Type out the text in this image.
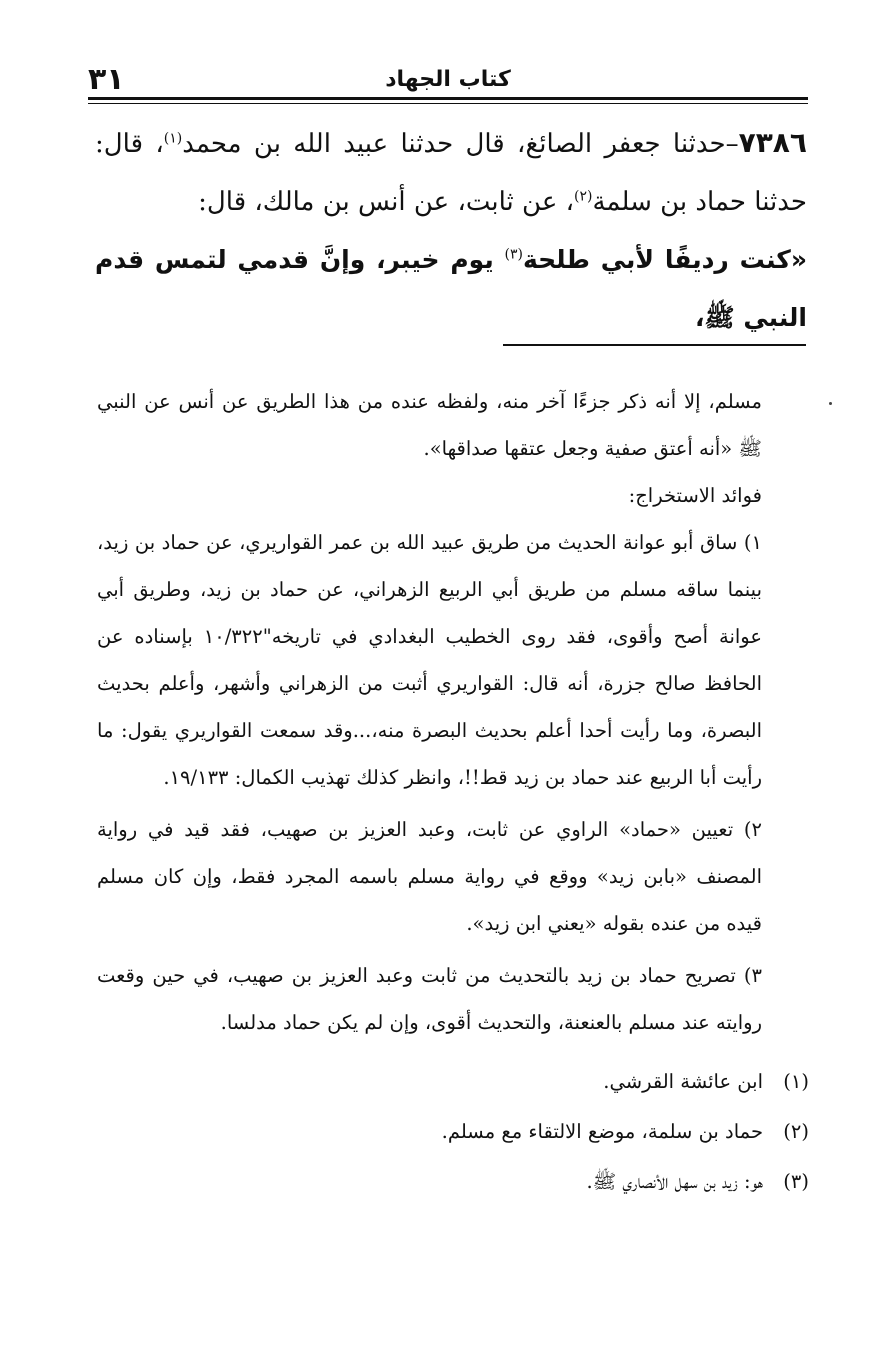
٣١	كتاب الجهاد

٧٣٨٦–حدثنا جعفر الصائغ، قال حدثنا عبيد الله بن محمد$^{(١)}$، قال: حدثنا حماد بن سلمة$^{(٢)}$، عن ثابت، عن أنس بن مالك، قال:
«كنت رديفًا لأبي طلحة$^{(٣)}$ يوم خيبر، وإنَّ قدمي لتمس قدم النبي ﷺ،

مسلم، إلا أنه ذكر جزءًا آخر منه، ولفظه عنده من هذا الطريق عن أنس عن النبي ﷺ «أنه أعتق صفية وجعل عتقها صداقها».

فوائد الاستخراج:

١) ساق أبو عوانة الحديث من طريق عبيد الله بن عمر القواريري، عن حماد بن زيد، بينما ساقه مسلم من طريق أبي الربيع الزهراني، عن حماد بن زيد، وطريق أبي عوانة أصح وأقوى، فقد روى الخطيب البغدادي في تاريخه"١٠/٣٢٢ بإسناده عن الحافظ صالح جزرة، أنه قال: القواريري أثبت من الزهراني وأشهر، وأعلم بحديث البصرة، وما رأيت أحدا أعلم بحديث البصرة منه،...وقد سمعت القواريري يقول: ما رأيت أبا الربيع عند حماد بن زيد قط!!، وانظر كذلك تهذيب الكمال: ١٩/١٣٣.

٢) تعيين «حماد» الراوي عن ثابت، وعبد العزيز بن صهيب، فقد قيد في رواية المصنف «بابن زيد» ووقع في رواية مسلم باسمه المجرد فقط، وإن كان مسلم قيده من عنده بقوله «يعني ابن زيد».

٣) تصريح حماد بن زيد بالتحديث من ثابت وعبد العزيز بن صهيب، في حين وقعت روايته عند مسلم بالعنعنة، والتحديث أقوى، وإن لم يكن حماد مدلسا.

(١)
ابن عائشة القرشي.
(٢)
حماد بن سلمة، موضع الالتقاء مع مسلم.
(٣)
هو: زيد بن سهل الأنصاري ﷺ.
